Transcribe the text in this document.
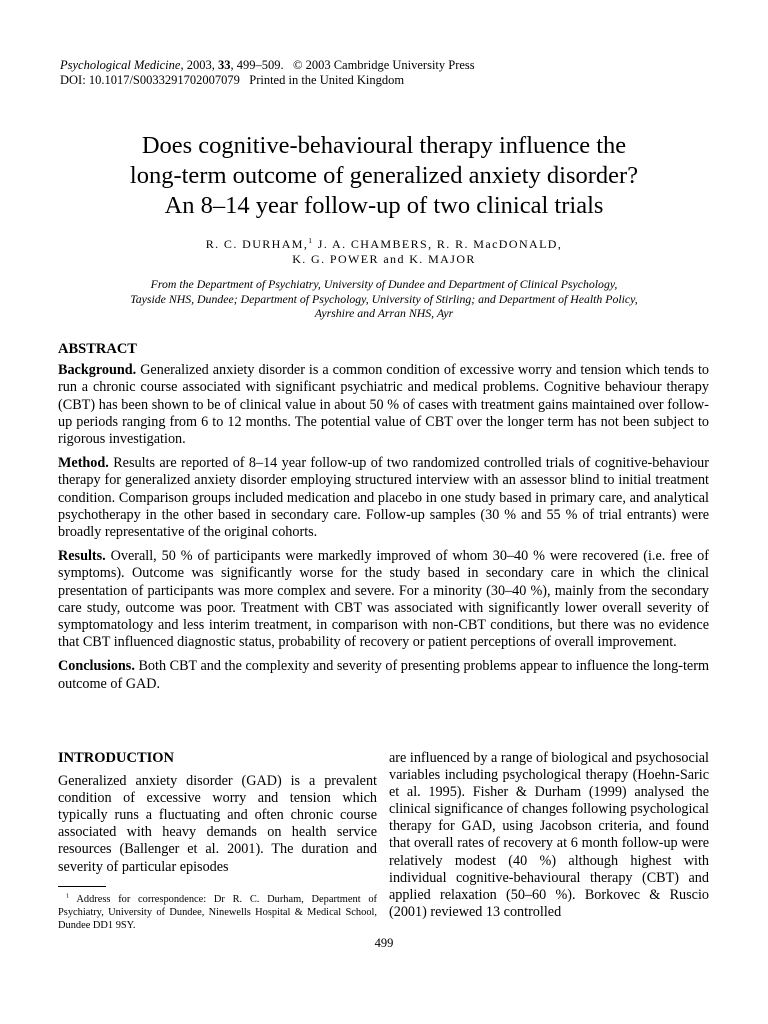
Psychological Medicine, 2003, 33, 499–509. © 2003 Cambridge University Press
DOI: 10.1017/S0033291702007079 Printed in the United Kingdom
Does cognitive-behavioural therapy influence the
long-term outcome of generalized anxiety disorder?
An 8–14 year follow-up of two clinical trials
R. C. DURHAM,$^1$ J. A. CHAMBERS, R. R. MacDONALD,
K. G. POWER and K. MAJOR
From the Department of Psychiatry, University of Dundee and Department of Clinical Psychology,
Tayside NHS, Dundee; Department of Psychology, University of Stirling; and Department of Health Policy,
Ayrshire and Arran NHS, Ayr
ABSTRACT

Background. Generalized anxiety disorder is a common condition of excessive worry and tension which tends to run a chronic course associated with significant psychiatric and medical problems. Cognitive behaviour therapy (CBT) has been shown to be of clinical value in about 50 % of cases with treatment gains maintained over follow-up periods ranging from 6 to 12 months. The potential value of CBT over the longer term has not been subject to rigorous investigation.

Method. Results are reported of 8–14 year follow-up of two randomized controlled trials of cognitive-behaviour therapy for generalized anxiety disorder employing structured interview with an assessor blind to initial treatment condition. Comparison groups included medication and placebo in one study based in primary care, and analytical psychotherapy in the other based in secondary care. Follow-up samples (30 % and 55 % of trial entrants) were broadly representative of the original cohorts.

Results. Overall, 50 % of participants were markedly improved of whom 30–40 % were recovered (i.e. free of symptoms). Outcome was significantly worse for the study based in secondary care in which the clinical presentation of participants was more complex and severe. For a minority (30–40 %), mainly from the secondary care study, outcome was poor. Treatment with CBT was associated with significantly lower overall severity of symptomatology and less interim treatment, in comparison with non-CBT conditions, but there was no evidence that CBT influenced diagnostic status, probability of recovery or patient perceptions of overall improvement.

Conclusions. Both CBT and the complexity and severity of presenting problems appear to influence the long-term outcome of GAD.

INTRODUCTION

Generalized anxiety disorder (GAD) is a prevalent condition of excessive worry and tension which typically runs a fluctuating and often chronic course associated with heavy demands on health service resources (Ballenger et al. 2001). The duration and severity of particular episodes

are influenced by a range of biological and psychosocial variables including psychological therapy (Hoehn-Saric et al. 1995). Fisher & Durham (1999) analysed the clinical significance of changes following psychological therapy for GAD, using Jacobson criteria, and found that overall rates of recovery at 6 month follow-up were relatively modest (40 %) although highest with individual cognitive-behavioural therapy (CBT) and applied relaxation (50–60 %). Borkovec & Ruscio (2001) reviewed 13 controlled

$^1$ Address for correspondence: Dr R. C. Durham, Department of Psychiatry, University of Dundee, Ninewells Hospital & Medical School, Dundee DD1 9SY.

499
